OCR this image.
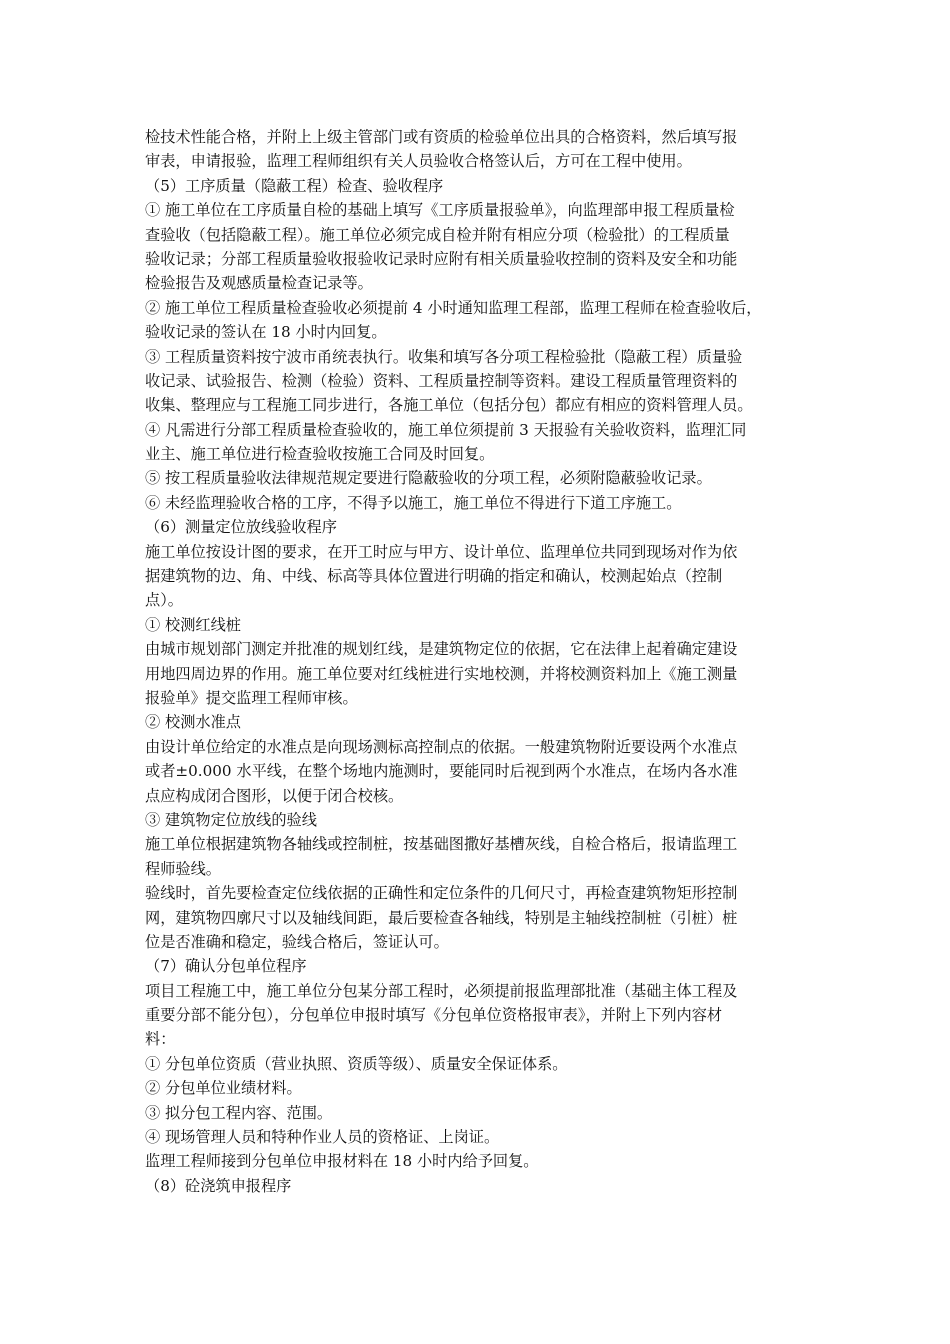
检技术性能合格，并附上上级主管部门或有资质的检验单位出具的合格资料，然后填写报
审表，申请报验，监理工程师组织有关人员验收合格签认后，方可在工程中使用。
（5）工序质量（隐蔽工程）检查、验收程序
① 施工单位在工序质量自检的基础上填写《工序质量报验单》，向监理部申报工程质量检
查验收（包括隐蔽工程）。施工单位必须完成自检并附有相应分项（检验批）的工程质量
验收记录；分部工程质量验收报验收记录时应附有相关质量验收控制的资料及安全和功能
检验报告及观感质量检查记录等。
② 施工单位工程质量检查验收必须提前 4 小时通知监理工程部，监理工程师在检查验收后，
验收记录的签认在 18 小时内回复。
③ 工程质量资料按宁波市甬统表执行。收集和填写各分项工程检验批（隐蔽工程）质量验
收记录、试验报告、检测（检验）资料、工程质量控制等资料。建设工程质量管理资料的
收集、整理应与工程施工同步进行，各施工单位（包括分包）都应有相应的资料管理人员。
④ 凡需进行分部工程质量检查验收的，施工单位须提前 3 天报验有关验收资料，监理汇同
业主、施工单位进行检查验收按施工合同及时回复。
⑤ 按工程质量验收法律规范规定要进行隐蔽验收的分项工程，必须附隐蔽验收记录。
⑥ 未经监理验收合格的工序，不得予以施工，施工单位不得进行下道工序施工。
（6）测量定位放线验收程序
施工单位按设计图的要求，在开工时应与甲方、设计单位、监理单位共同到现场对作为依
据建筑物的边、角、中线、标高等具体位置进行明确的指定和确认，校测起始点（控制
点）。
① 校测红线桩
由城市规划部门测定并批准的规划红线，是建筑物定位的依据，它在法律上起着确定建设
用地四周边界的作用。施工单位要对红线桩进行实地校测，并将校测资料加上《施工测量
报验单》提交监理工程师审核。
② 校测水准点
由设计单位给定的水准点是向现场测标高控制点的依据。一般建筑物附近要设两个水准点
或者±0.000 水平线，在整个场地内施测时，要能同时后视到两个水准点，在场内各水准
点应构成闭合图形，以便于闭合校核。
③ 建筑物定位放线的验线
施工单位根据建筑物各轴线或控制桩，按基础图撒好基槽灰线，自检合格后，报请监理工
程师验线。
验线时，首先要检查定位线依据的正确性和定位条件的几何尺寸，再检查建筑物矩形控制
网，建筑物四廓尺寸以及轴线间距，最后要检查各轴线，特别是主轴线控制桩（引桩）桩
位是否准确和稳定，验线合格后，签证认可。
（7）确认分包单位程序
项目工程施工中，施工单位分包某分部工程时，必须提前报监理部批准（基础主体工程及
重要分部不能分包），分包单位申报时填写《分包单位资格报审表》，并附上下列内容材
料：
① 分包单位资质（营业执照、资质等级）、质量安全保证体系。
② 分包单位业绩材料。
③ 拟分包工程内容、范围。
④ 现场管理人员和特种作业人员的资格证、上岗证。
监理工程师接到分包单位申报材料在 18 小时内给予回复。
（8）砼浇筑申报程序
